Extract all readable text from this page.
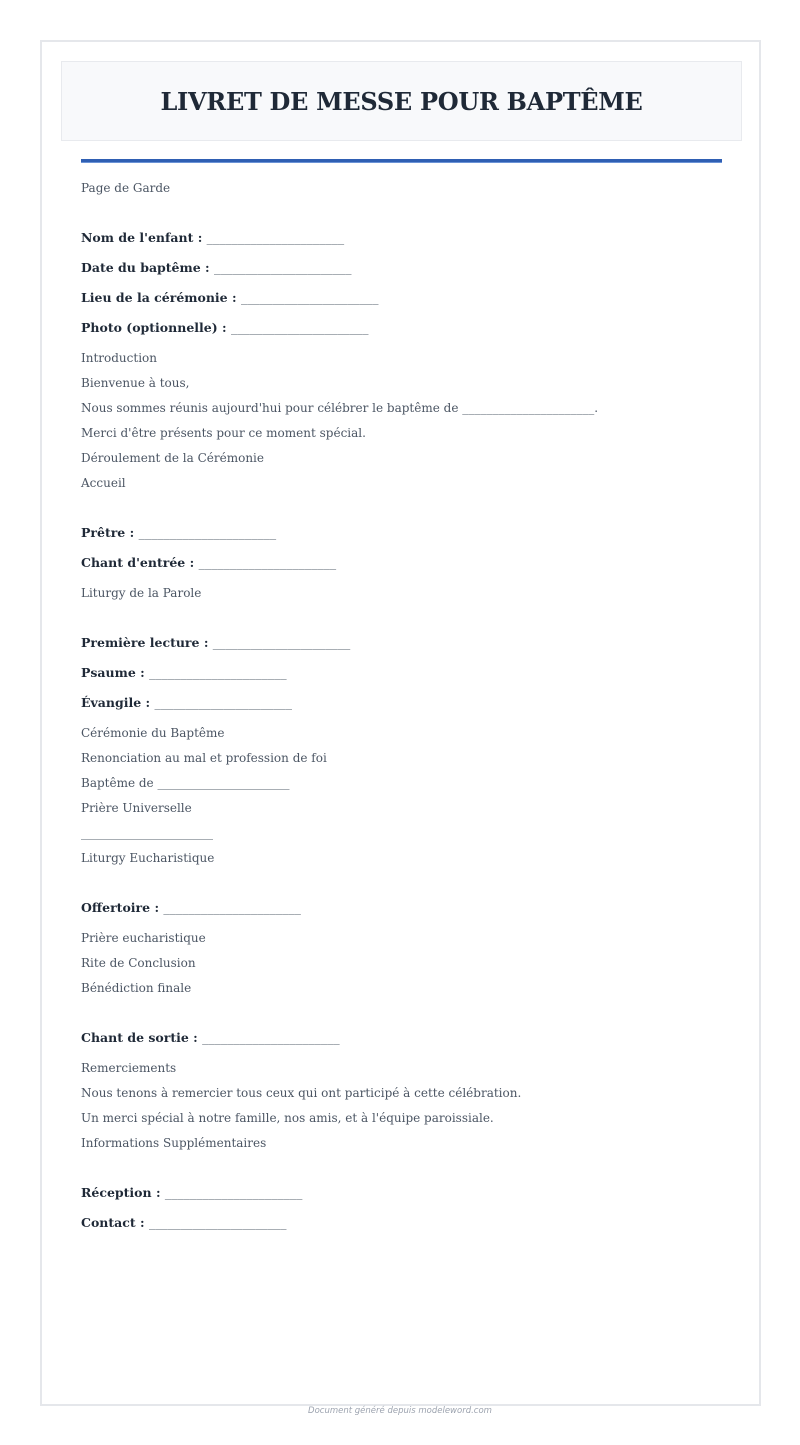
LIVRET DE MESSE POUR BAPTÊME
Page de Garde
Nom de l'enfant : ______________________
Date du baptême : ______________________
Lieu de la cérémonie : ______________________
Photo (optionnelle) : ______________________
Introduction
Bienvenue à tous,
Nous sommes réunis aujourd'hui pour célébrer le baptême de ______________________.
Merci d'être présents pour ce moment spécial.
Déroulement de la Cérémonie
Accueil
Prêtre : ______________________
Chant d'entrée : ______________________
Liturgy de la Parole
Première lecture : ______________________
Psaume : ______________________
Évangile : ______________________
Cérémonie du Baptême
Renonciation au mal et profession de foi
Baptême de ______________________
Prière Universelle
______________________
Liturgy Eucharistique
Offertoire : ______________________
Prière eucharistique
Rite de Conclusion
Bénédiction finale
Chant de sortie : ______________________
Remerciements
Nous tenons à remercier tous ceux qui ont participé à cette célébration.
Un merci spécial à notre famille, nos amis, et à l'équipe paroissiale.
Informations Supplémentaires
Réception : ______________________
Contact : ______________________
Document généré depuis modeleword.com
